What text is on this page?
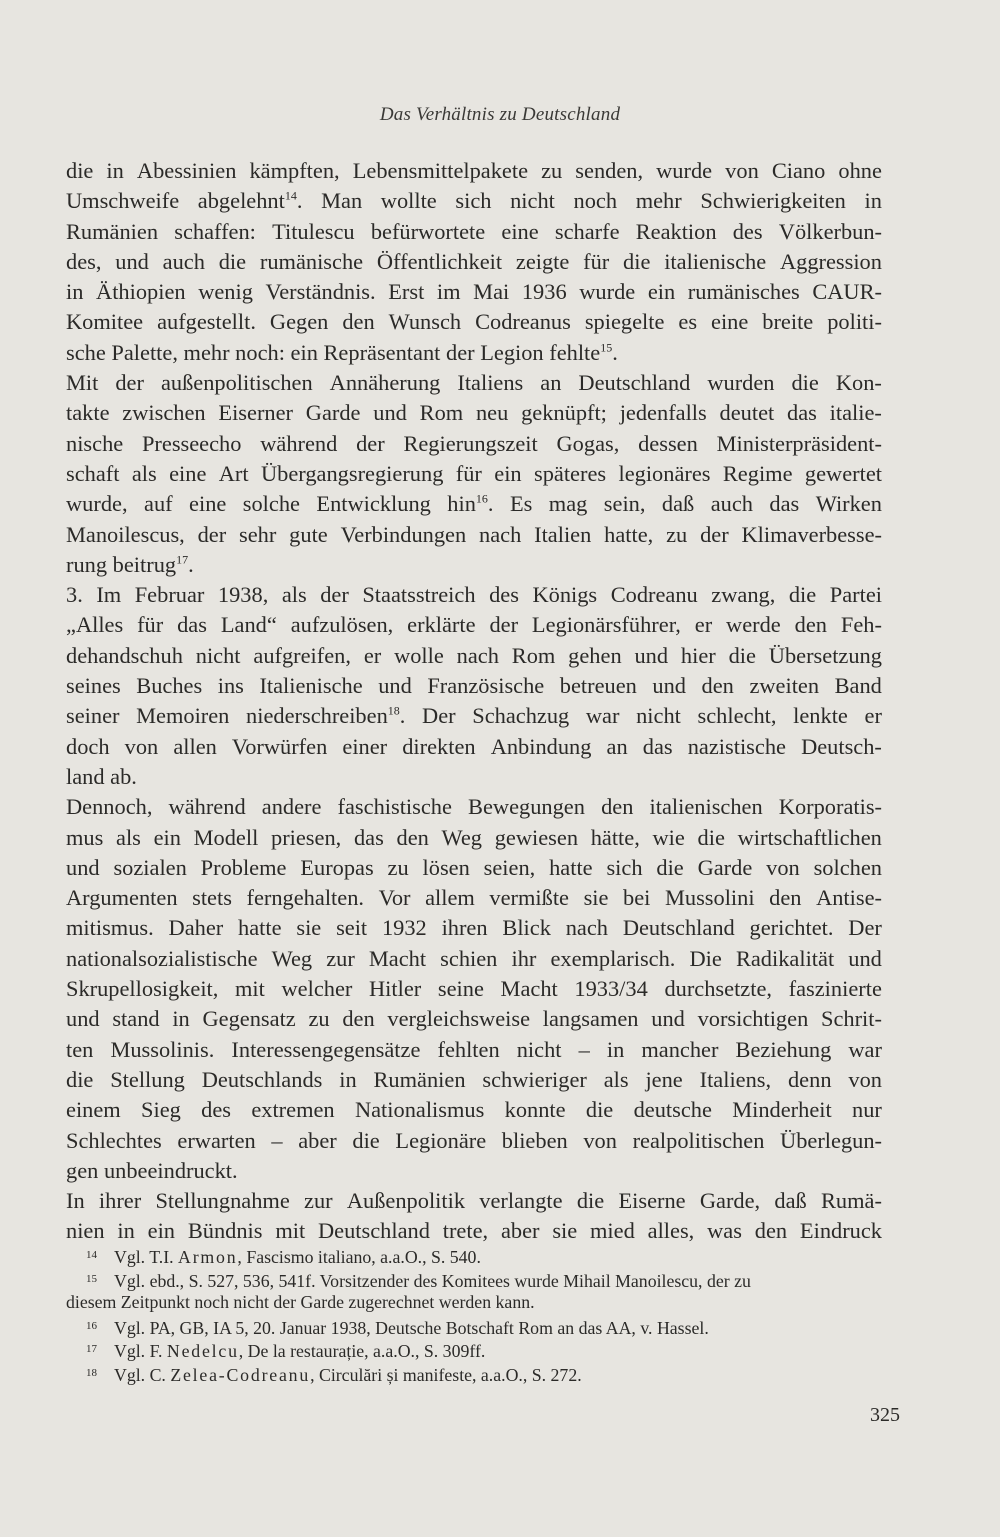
Das Verhältnis zu Deutschland
die in Abessinien kämpften, Lebensmittelpakete zu senden, wurde von Ciano ohne
Umschweife abgelehnt$^{14}$. Man wollte sich nicht noch mehr Schwierigkeiten in
Rumänien schaffen: Titulescu befürwortete eine scharfe Reaktion des Völkerbun-
des, und auch die rumänische Öffentlichkeit zeigte für die italienische Aggression
in Äthiopien wenig Verständnis. Erst im Mai 1936 wurde ein rumänisches CAUR-
Komitee aufgestellt. Gegen den Wunsch Codreanus spiegelte es eine breite politi-
sche
Palette,
mehr
noch:
ein
Repräsentant
der
Legion
fehlte$^{15}$.
Mit der außenpolitischen Annäherung Italiens an Deutschland wurden die Kon-
takte zwischen Eiserner Garde und Rom neu geknüpft; jedenfalls deutet das italie-
nische Presseecho während der Regierungszeit Gogas, dessen Ministerpräsident-
schaft als eine Art Übergangsregierung für ein späteres legionäres Regime gewertet
wurde, auf eine solche Entwicklung hin$^{16}$. Es mag sein, daß auch das Wirken
Manoilescus, der sehr gute Verbindungen nach Italien hatte, zu der Klimaverbesse-
rung
beitrug$^{17}$.
3. Im Februar 1938, als der Staatsstreich des Königs Codreanu zwang, die Partei
„Alles für das Land“ aufzulösen, erklärte der Legionärsführer, er werde den Feh-
dehandschuh nicht aufgreifen, er wolle nach Rom gehen und hier die Übersetzung
seines Buches ins Italienische und Französische betreuen und den zweiten Band
seiner Memoiren niederschreiben$^{18}$. Der Schachzug war nicht schlecht, lenkte er
doch von allen Vorwürfen einer direkten Anbindung an das nazistische Deutsch-
land
ab.
Dennoch, während andere faschistische Bewegungen den italienischen Korporatis-
mus als ein Modell priesen, das den Weg gewiesen hätte, wie die wirtschaftlichen
und sozialen Probleme Europas zu lösen seien, hatte sich die Garde von solchen
Argumenten stets ferngehalten. Vor allem vermißte sie bei Mussolini den Antise-
mitismus. Daher hatte sie seit 1932 ihren Blick nach Deutschland gerichtet. Der
nationalsozialistische Weg zur Macht schien ihr exemplarisch. Die Radikalität und
Skrupellosigkeit, mit welcher Hitler seine Macht 1933/34 durchsetzte, faszinierte
und stand in Gegensatz zu den vergleichsweise langsamen und vorsichtigen Schrit-
ten Mussolinis. Interessengegensätze fehlten nicht – in mancher Beziehung war
die Stellung Deutschlands in Rumänien schwieriger als jene Italiens, denn von
einem Sieg des extremen Nationalismus konnte die deutsche Minderheit nur
Schlechtes erwarten – aber die Legionäre blieben von realpolitischen Überlegun-
gen
unbeeindruckt.
In ihrer Stellungnahme zur Außenpolitik verlangte die Eiserne Garde, daß Rumä-
nien in ein Bündnis mit Deutschland trete, aber sie mied alles, was den Eindruck
14 Vgl. T.I. Armon, Fascismo italiano, a.a.O., S. 540.
15 Vgl. ebd., S. 527, 536, 541f. Vorsitzender des Komitees wurde Mihail Manoilescu, der zu
diesem Zeitpunkt noch nicht der Garde zugerechnet werden kann.
16 Vgl. PA, GB, IA 5, 20. Januar 1938, Deutsche Botschaft Rom an das AA, v. Hassel.
17 Vgl. F. Nedelcu, De la restaurație, a.a.O., S. 309ff.
18 Vgl. C. Zelea-Codreanu, Circulări și manifeste, a.a.O., S. 272.
325
